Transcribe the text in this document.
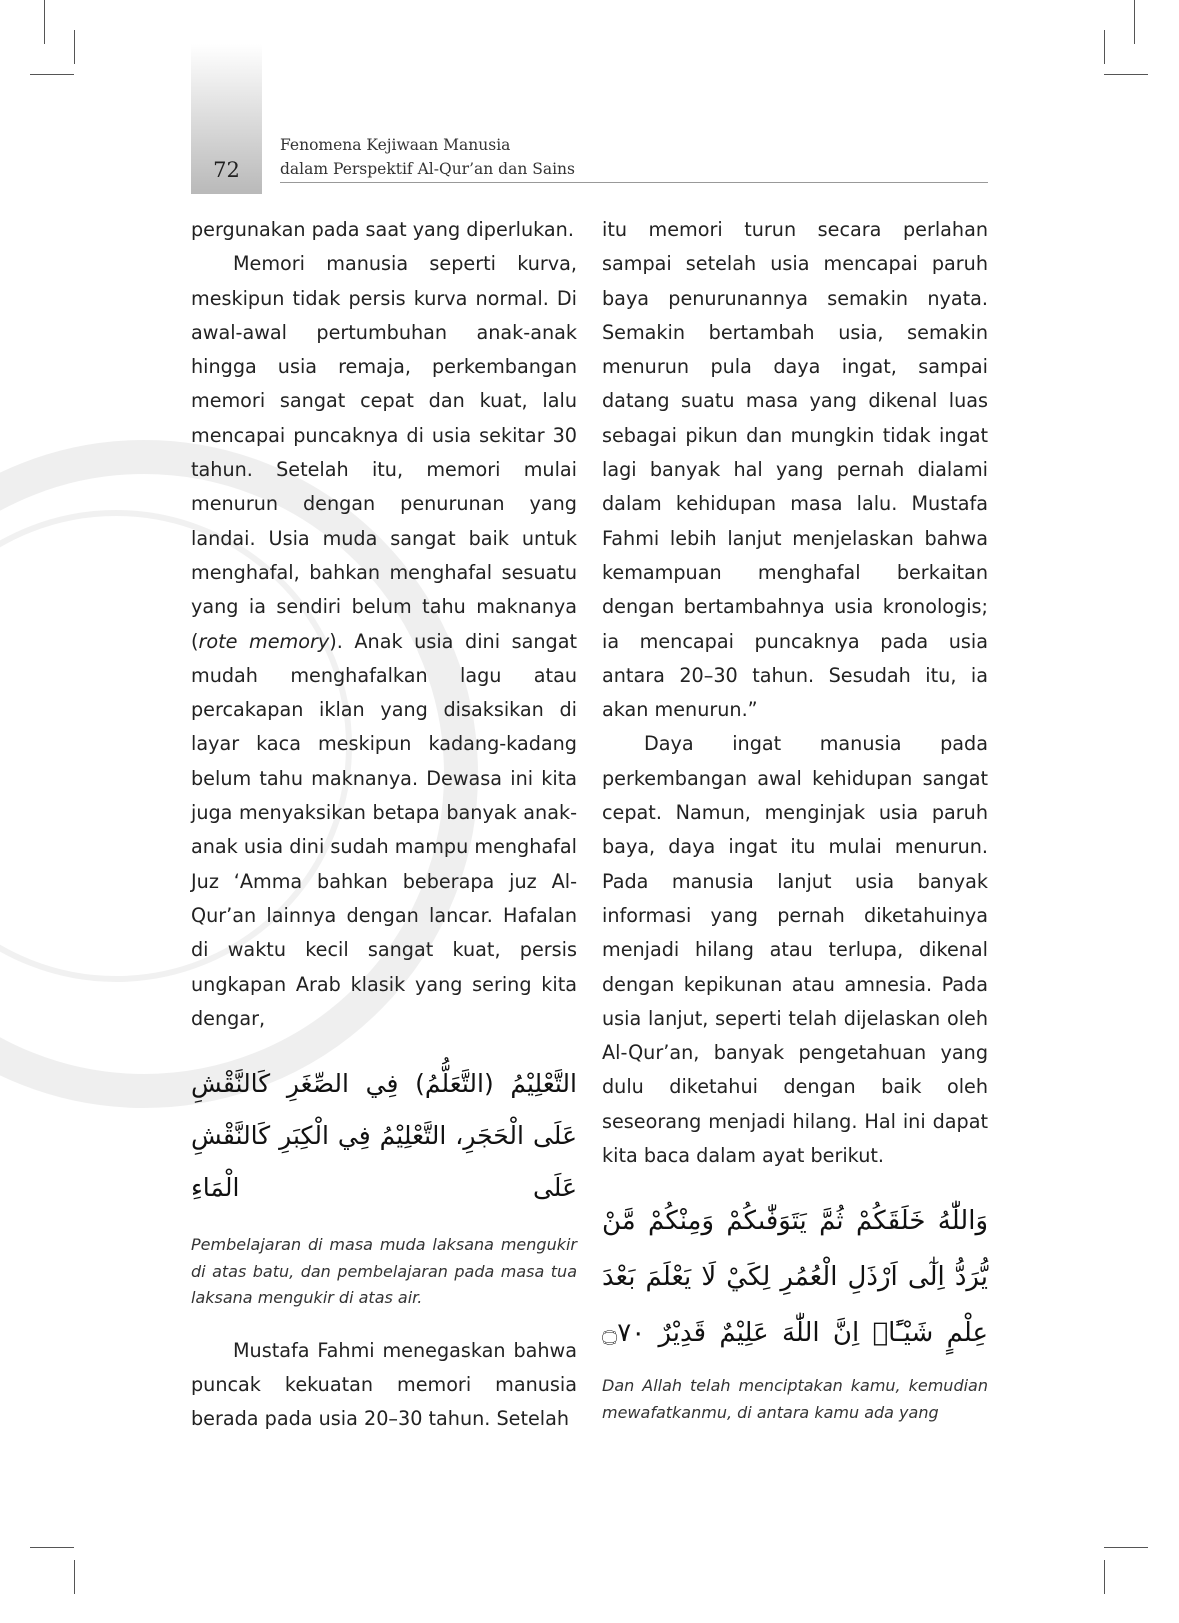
72
Fenomena Kejiwaan Manusia
dalam Perspektif Al-Qur’an dan Sains

pergunakan pada saat yang diperlukan.

Memori manusia seperti kurva, meskipun tidak persis kurva normal. Di awal-awal pertumbuhan anak-anak hingga usia remaja, perkembangan memori sangat cepat dan kuat, lalu mencapai puncaknya di usia sekitar 30 tahun. Setelah itu, memori mulai menurun dengan penurunan yang landai. Usia muda sangat baik untuk menghafal, bahkan menghafal sesuatu yang ia sendiri belum tahu maknanya (rote memory). Anak usia dini sangat mudah menghafalkan lagu atau percakapan iklan yang disaksikan di layar kaca meskipun kadang-kadang belum tahu maknanya. Dewasa ini kita juga menyaksikan betapa banyak anak-anak usia dini sudah mampu menghafal Juz ‘Amma bahkan beberapa juz Al-Qur’an lainnya dengan lancar. Hafalan di waktu kecil sangat kuat, persis ungkapan Arab klasik yang sering kita dengar,

التَّعْلِيْمُ (التَّعَلُّمُ) فِي الصِّغَرِ كَالنَّقْشِ عَلَى الْحَجَرِ، التَّعْلِيْمُ فِي الْكِبَرِ كَالنَّقْشِ عَلَى الْمَاءِ

Pembelajaran di masa muda laksana mengukir di atas batu, dan pembelajaran pada masa tua laksana mengukir di atas air.

Mustafa Fahmi menegaskan bahwa puncak kekuatan memori manusia berada pada usia 20–30 tahun. Setelah

itu memori turun secara perlahan sampai setelah usia mencapai paruh baya penurunannya semakin nyata. Semakin bertambah usia, semakin menurun pula daya ingat, sampai datang suatu masa yang dikenal luas sebagai pikun dan mungkin tidak ingat lagi banyak hal yang pernah dialami dalam kehidupan masa lalu. Mustafa Fahmi lebih lanjut menjelaskan bahwa kemampuan menghafal berkaitan dengan bertambahnya usia kronologis; ia mencapai puncaknya pada usia antara 20–30 tahun. Sesudah itu, ia akan menurun.”

Daya ingat manusia pada perkembangan awal kehidupan sangat cepat. Namun, menginjak usia paruh baya, daya ingat itu mulai menurun. Pada manusia lanjut usia banyak informasi yang pernah diketahuinya menjadi hilang atau terlupa, dikenal dengan kepikunan atau amnesia. Pada usia lanjut, seperti telah dijelaskan oleh Al-Qur’an, banyak pengetahuan yang dulu diketahui dengan baik oleh seseorang menjadi hilang. Hal ini dapat kita baca dalam ayat berikut.

وَاللّٰهُ خَلَقَكُمْ ثُمَّ يَتَوَفّٰىكُمْ وَمِنْكُمْ مَّنْ يُّرَدُّ اِلٰٓى اَرْذَلِ الْعُمُرِ لِكَيْ لَا يَعْلَمَ بَعْدَ عِلْمٍ شَيْـًٔاۗ اِنَّ اللّٰهَ عَلِيْمٌ قَدِيْرٌ ۝٧٠

Dan Allah telah menciptakan kamu, kemudian mewafatkanmu, di antara kamu ada yang
